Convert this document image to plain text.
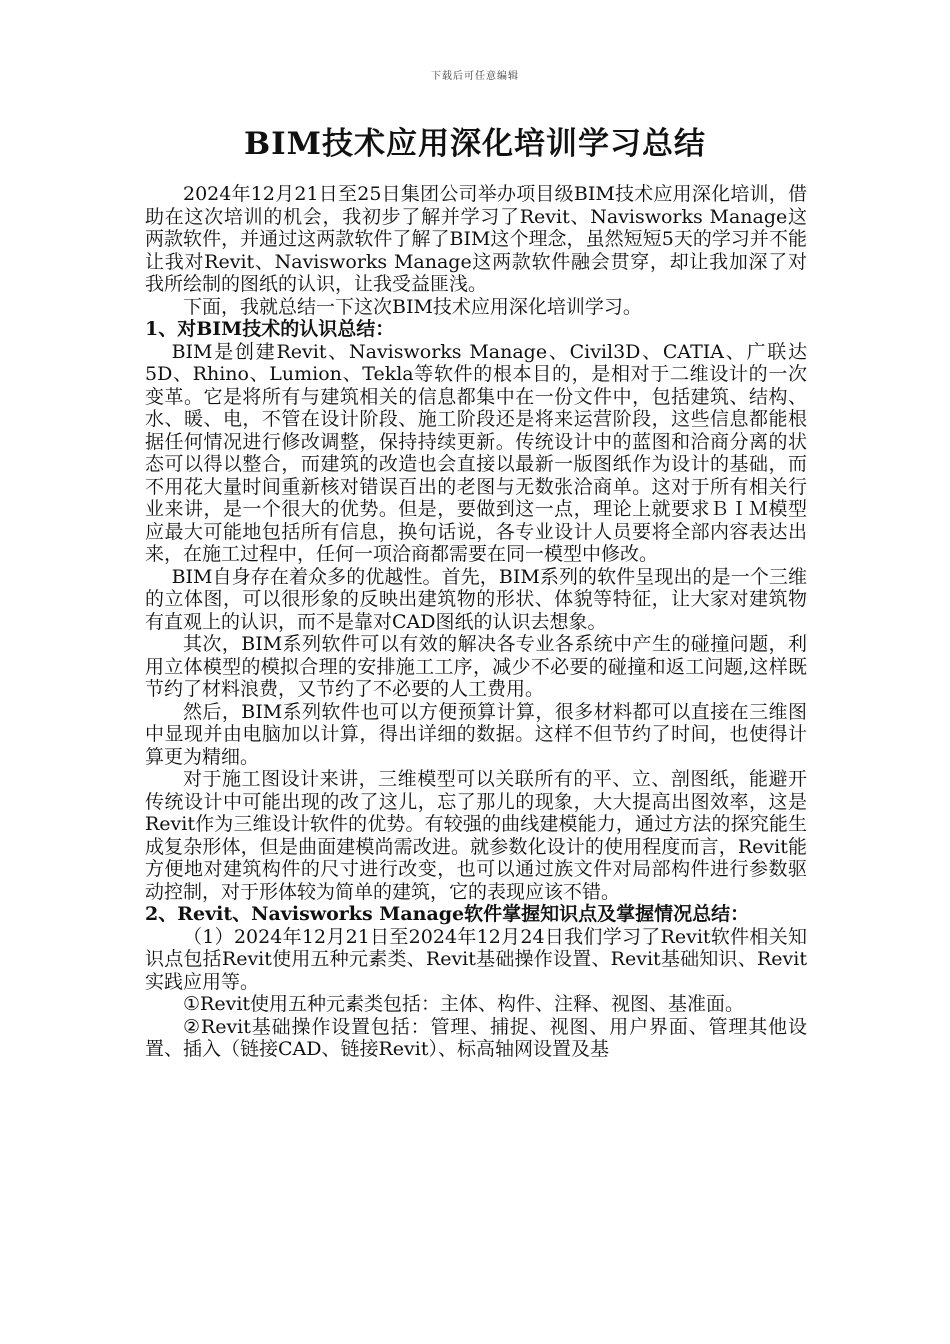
下载后可任意编辑
BIM技术应用深化培训学习总结

2024年12月21日至25日集团公司举办项目级BIM技术应用深化培训，借助在这次培训的机会，我初步了解并学习了Revit、Navisworks Manage这两款软件，并通过这两款软件了解了BIM这个理念，虽然短短5天的学习并不能让我对Revit、Navisworks Manage这两款软件融会贯穿，却让我加深了对我所绘制的图纸的认识，让我受益匪浅。

下面，我就总结一下这次BIM技术应用深化培训学习。

1、对BIM技术的认识总结：

BIM是创建Revit、Navisworks Manage、Civil3D、CATIA、广联达5D、Rhino、Lumion、Tekla等软件的根本目的，是相对于二维设计的一次变革。它是将所有与建筑相关的信息都集中在一份文件中，包括建筑、结构、水、暖、电，不管在设计阶段、施工阶段还是将来运营阶段，这些信息都能根据任何情况进行修改调整，保持持续更新。传统设计中的蓝图和洽商分离的状态可以得以整合，而建筑的改造也会直接以最新一版图纸作为设计的基础，而不用花大量时间重新核对错误百出的老图与无数张洽商单。这对于所有相关行业来讲，是一个很大的优势。但是，要做到这一点，理论上就要求ＢＩＭ模型应最大可能地包括所有信息，换句话说，各专业设计人员要将全部内容表达出来，在施工过程中，任何一项洽商都需要在同一模型中修改。

BIM自身存在着众多的优越性。首先，BIM系列的软件呈现出的是一个三维的立体图，可以很形象的反映出建筑物的形状、体貌等特征，让大家对建筑物有直观上的认识，而不是靠对CAD图纸的认识去想象。

其次，BIM系列软件可以有效的解决各专业各系统中产生的碰撞问题，利用立体模型的模拟合理的安排施工工序，减少不必要的碰撞和返工问题,这样既节约了材料浪费，又节约了不必要的人工费用。

然后，BIM系列软件也可以方便预算计算，很多材料都可以直接在三维图中显现并由电脑加以计算，得出详细的数据。这样不但节约了时间，也使得计算更为精细。

对于施工图设计来讲，三维模型可以关联所有的平、立、剖图纸，能避开传统设计中可能出现的改了这儿，忘了那儿的现象，大大提高出图效率，这是Revit作为三维设计软件的优势。有较强的曲线建模能力，通过方法的探究能生成复杂形体，但是曲面建模尚需改进。就参数化设计的使用程度而言，Revit能方便地对建筑构件的尺寸进行改变，也可以通过族文件对局部构件进行参数驱动控制，对于形体较为简单的建筑，它的表现应该不错。

2、Revit、Navisworks Manage软件掌握知识点及掌握情况总结：

（1）2024年12月21日至2024年12月24日我们学习了Revit软件相关知识点包括Revit使用五种元素类、Revit基础操作设置、Revit基础知识、Revit实践应用等。

①Revit使用五种元素类包括：主体、构件、注释、视图、基准面。

②Revit基础操作设置包括：管理、捕捉、视图、用户界面、管理其他设置、插入（链接CAD、链接Revit）、标高轴网设置及基
